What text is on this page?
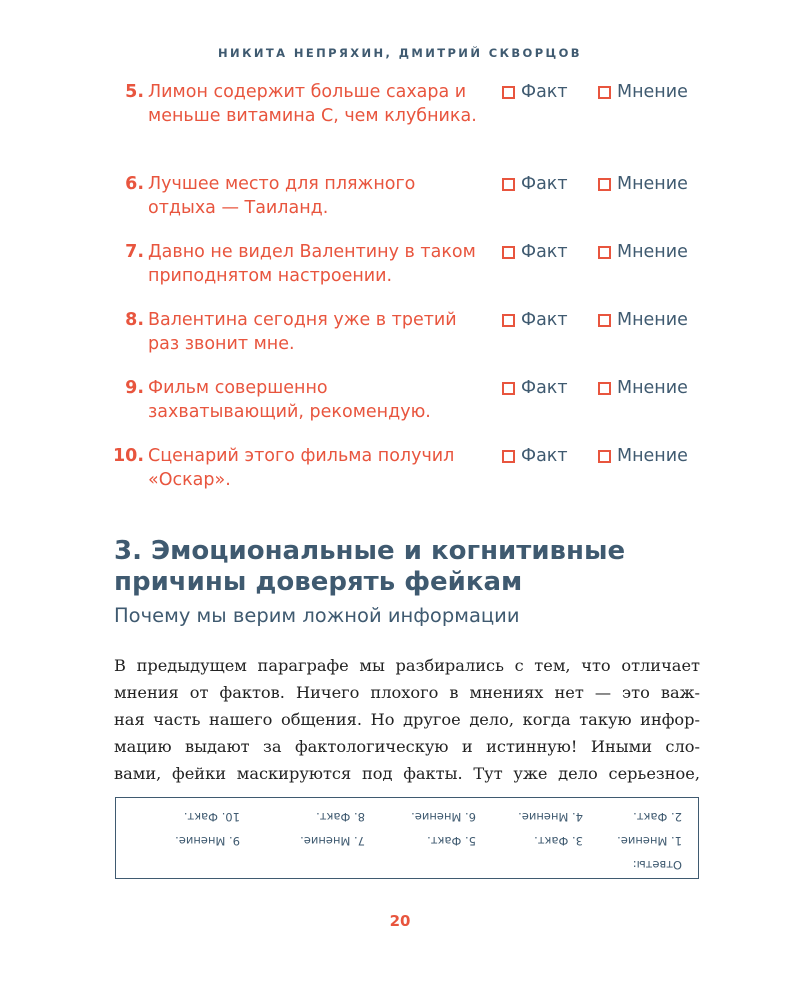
НИКИТА НЕПРЯХИН, ДМИТРИЙ СКВОРЦОВ
5. Лимон содержит больше сахара и меньше витамина С, чем клубника.
Факт	Мнение
6. Лучшее место для пляжного отдыха — Таиланд.
Факт	Мнение
7. Давно не видел Валентину в таком приподнятом настроении.
Факт	Мнение
8. Валентина сегодня уже в третий раз звонит мне.
Факт	Мнение
9. Фильм совершенно захватывающий, рекомендую.
Факт	Мнение
10. Сценарий этого фильма получил «Оскар».
Факт	Мнение
3. Эмоциональные и когнитивные причины доверять фейкам
Почему мы верим ложной информации
В предыдущем параграфе мы разбирались с тем, что отличает
мнения от фактов. Ничего плохого в мнениях нет — это важ-
ная часть нашего общения. Но другое дело, когда такую инфор-
мацию выдают за фактологическую и истинную! Иными сло-
вами, фейки маскируются под факты. Тут уже дело серьезное,
Ответы:
1. Мнение.
2. Факт.
3. Факт.
4. Мнение.
5. Факт.
6. Мнение.
7. Мнение.
8. Факт.
9. Мнение.
10. Факт.
20
